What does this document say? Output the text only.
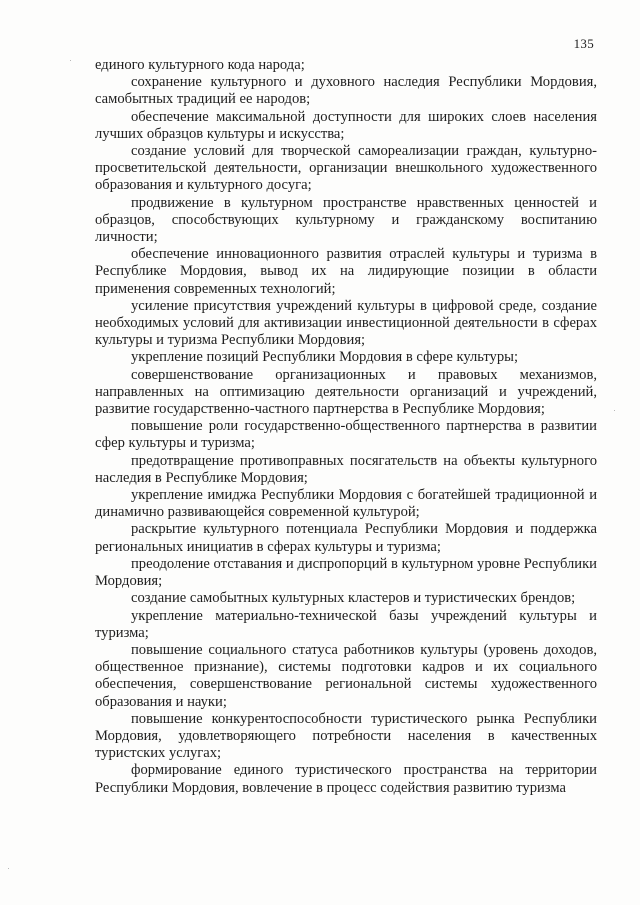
135

единого культурного кода народа;

сохранение культурного и духовного наследия Республики Мордовия, самобытных традиций ее народов;

обеспечение максимальной доступности для широких слоев населения лучших образцов культуры и искусства;

создание условий для творческой самореализации граждан, культурно-просветительской деятельности, организации внешкольного художественного образования и культурного досуга;

продвижение в культурном пространстве нравственных ценностей и образцов, способствующих культурному и гражданскому воспитанию личности;

обеспечение инновационного развития отраслей культуры и туризма в Республике Мордовия, вывод их на лидирующие позиции в области применения современных технологий;

усиление присутствия учреждений культуры в цифровой среде, создание необходимых условий для активизации инвестиционной деятельности в сферах культуры и туризма Республики Мордовия;

укрепление позиций Республики Мордовия в сфере культуры;

совершенствование организационных и правовых механизмов, направленных на оптимизацию деятельности организаций и учреждений, развитие государственно-частного партнерства в Республике Мордовия;

повышение роли государственно-общественного партнерства в развитии сфер культуры и туризма;

предотвращение противоправных посягательств на объекты культурного наследия в Республике Мордовия;

укрепление имиджа Республики Мордовия с богатейшей традиционной и динамично развивающейся современной культурой;

раскрытие культурного потенциала Республики Мордовия и поддержка региональных инициатив в сферах культуры и туризма;

преодоление отставания и диспропорций в культурном уровне Республики Мордовия;

создание самобытных культурных кластеров и туристических брендов;

укрепление материально-технической базы учреждений культуры и туризма;

повышение социального статуса работников культуры (уровень доходов, общественное признание), системы подготовки кадров и их социального обеспечения, совершенствование региональной системы художественного образования и науки;

повышение конкурентоспособности туристического рынка Республики Мордовия, удовлетворяющего потребности населения в качественных туристских услугах;

формирование единого туристического пространства на территории Республики Мордовия, вовлечение в процесс содействия развитию туризма
